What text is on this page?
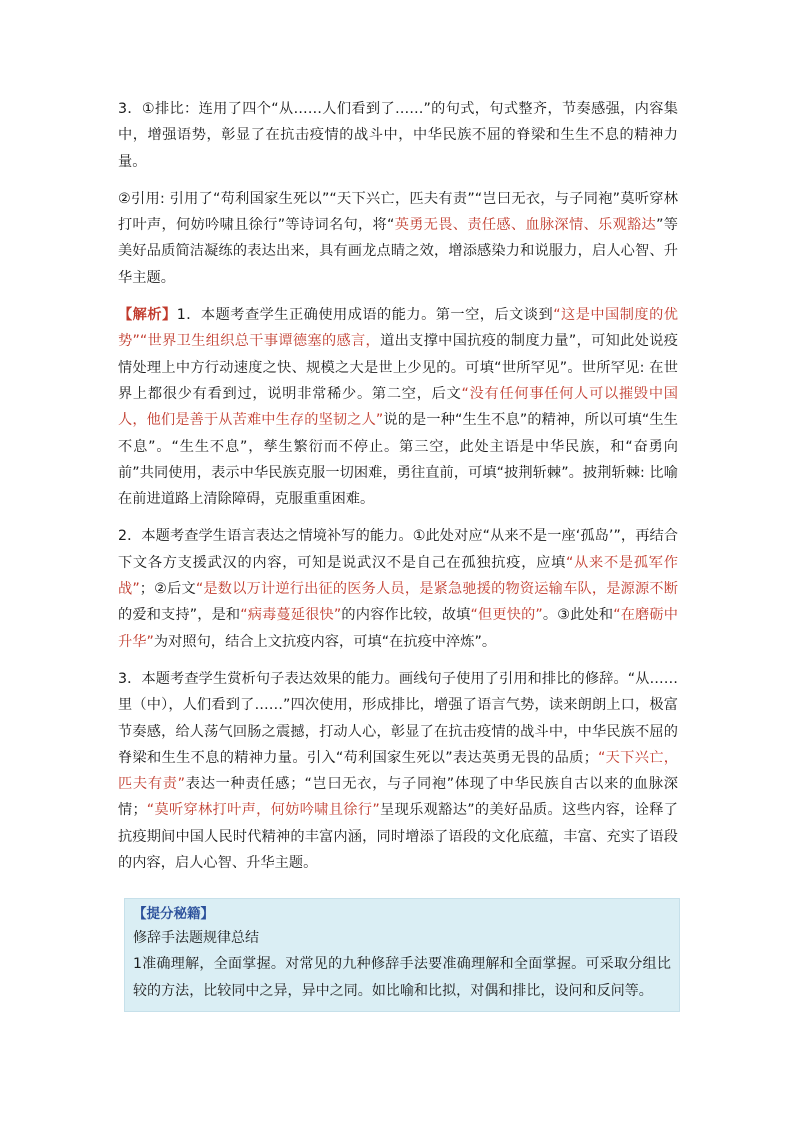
3．①排比：连用了四个“从……人们看到了……”的句式，句式整齐，节奏感强，内容集中，增强语势，彰显了在抗击疫情的战斗中，中华民族不屈的脊梁和生生不息的精神力量。

②引用: 引用了“苟利国家生死以”“天下兴亡，匹夫有责”“岂曰无衣，与子同袍”莫听穿林打叶声，何妨吟啸且徐行”等诗词名句，将“英勇无畏、责任感、血脉深情、乐观豁达”等美好品质简洁凝练的表达出来，具有画龙点睛之效，增添感染力和说服力，启人心智、升华主题。

【解析】1．本题考查学生正确使用成语的能力。第一空，后文谈到“这是中国制度的优势”“世界卫生组织总干事谭德塞的感言，道出支撑中国抗疫的制度力量”，可知此处说疫情处理上中方行动速度之快、规模之大是世上少见的。可填“世所罕见”。世所罕见: 在世界上都很少有看到过，说明非常稀少。第二空，后文“没有任何事任何人可以摧毁中国人，他们是善于从苦难中生存的坚韧之人”说的是一种“生生不息”的精神，所以可填“生生不息”。“生生不息”，孳生繁衍而不停止。第三空，此处主语是中华民族，和“奋勇向前”共同使用，表示中华民族克服一切困难，勇往直前，可填“披荆斩棘”。披荆斩棘: 比喻在前进道路上清除障碍，克服重重困难。

2．本题考查学生语言表达之情境补写的能力。①此处对应“从来不是一座‘孤岛’”，再结合下文各方支援武汉的内容，可知是说武汉不是自己在孤独抗疫，应填“从来不是孤军作战”；②后文“是数以万计逆行出征的医务人员，是紧急驰援的物资运输车队，是源源不断的爱和支持”，是和“病毒蔓延很快”的内容作比较，故填“但更快的”。③此处和“在磨砺中升华”为对照句，结合上文抗疫内容，可填“在抗疫中淬炼”。

3．本题考查学生赏析句子表达效果的能力。画线句子使用了引用和排比的修辞。“从……里（中），人们看到了……”四次使用，形成排比，增强了语言气势，读来朗朗上口，极富节奏感，给人荡气回肠之震撼，打动人心，彰显了在抗击疫情的战斗中，中华民族不屈的脊梁和生生不息的精神力量。引入“苟利国家生死以”表达英勇无畏的品质；“天下兴亡，匹夫有责”表达一种责任感；“岂曰无衣，与子同袍”体现了中华民族自古以来的血脉深情；“莫听穿林打叶声，何妨吟啸且徐行”呈现乐观豁达”的美好品质。这些内容，诠释了抗疫期间中国人民时代精神的丰富内涵，同时增添了语段的文化底蕴，丰富、充实了语段的内容，启人心智、升华主题。

【提分秘籍】
修辞手法题规律总结

1准确理解，全面掌握。对常见的九种修辞手法要准确理解和全面掌握。可采取分组比较的方法，比较同中之异，异中之同。如比喻和比拟，对偶和排比，设问和反问等。
